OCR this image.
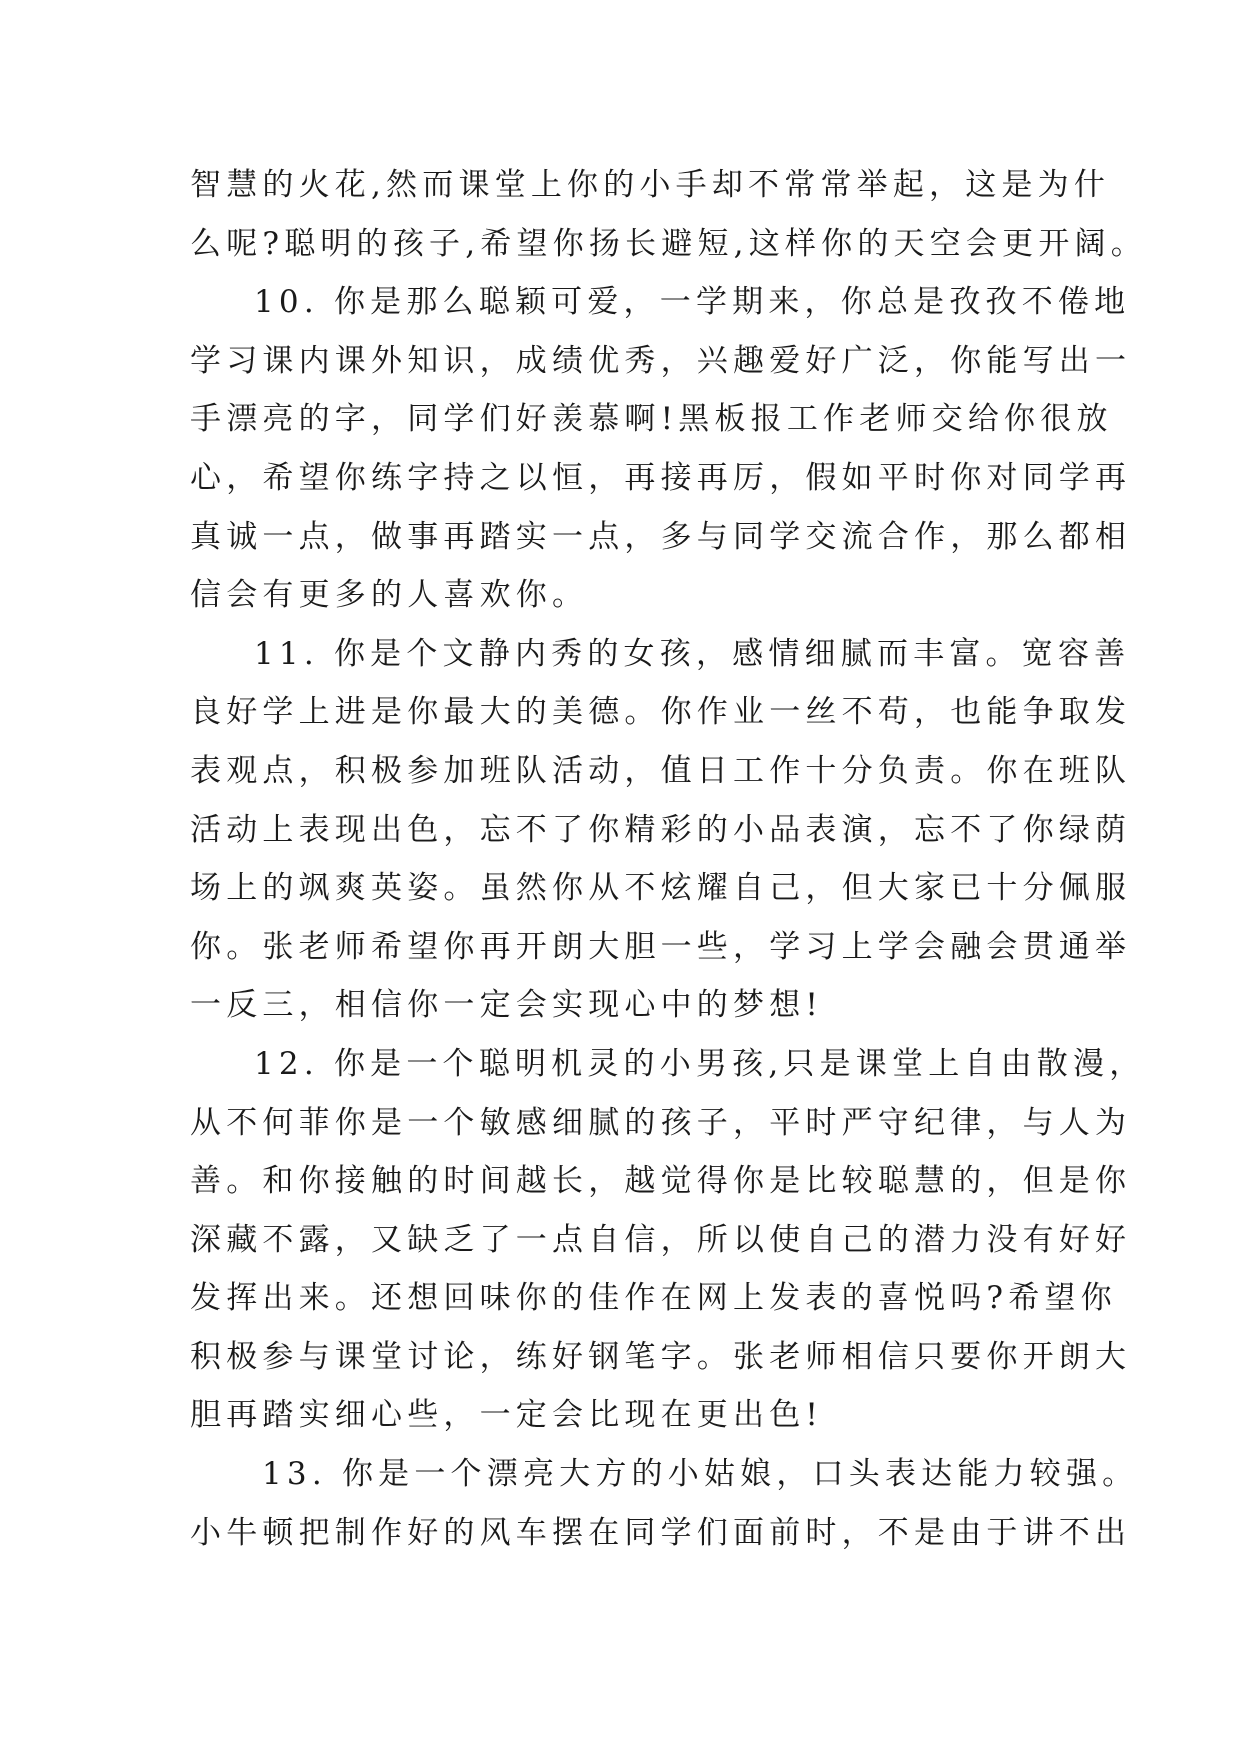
智慧的火花,然而课堂上你的小手却不常常举起，这是为什
么呢?聪明的孩子,希望你扬长避短,这样你的天空会更开阔。
10. 你是那么聪颖可爱，一学期来，你总是孜孜不倦地
学习课内课外知识，成绩优秀，兴趣爱好广泛，你能写出一
手漂亮的字，同学们好羡慕啊!黑板报工作老师交给你很放
心，希望你练字持之以恒，再接再厉，假如平时你对同学再
真诚一点，做事再踏实一点，多与同学交流合作，那么都相
信会有更多的人喜欢你。
11. 你是个文静内秀的女孩，感情细腻而丰富。宽容善
良好学上进是你最大的美德。你作业一丝不苟，也能争取发
表观点，积极参加班队活动，值日工作十分负责。你在班队
活动上表现出色，忘不了你精彩的小品表演，忘不了你绿荫
场上的飒爽英姿。虽然你从不炫耀自己，但大家已十分佩服
你。张老师希望你再开朗大胆一些，学习上学会融会贯通举
一反三，相信你一定会实现心中的梦想!
12. 你是一个聪明机灵的小男孩,只是课堂上自由散漫，
从不何菲你是一个敏感细腻的孩子，平时严守纪律，与人为
善。和你接触的时间越长，越觉得你是比较聪慧的，但是你
深藏不露，又缺乏了一点自信，所以使自己的潜力没有好好
发挥出来。还想回味你的佳作在网上发表的喜悦吗?希望你
积极参与课堂讨论，练好钢笔字。张老师相信只要你开朗大
胆再踏实细心些，一定会比现在更出色!
13. 你是一个漂亮大方的小姑娘，口头表达能力较强。
小牛顿把制作好的风车摆在同学们面前时，不是由于讲不出
